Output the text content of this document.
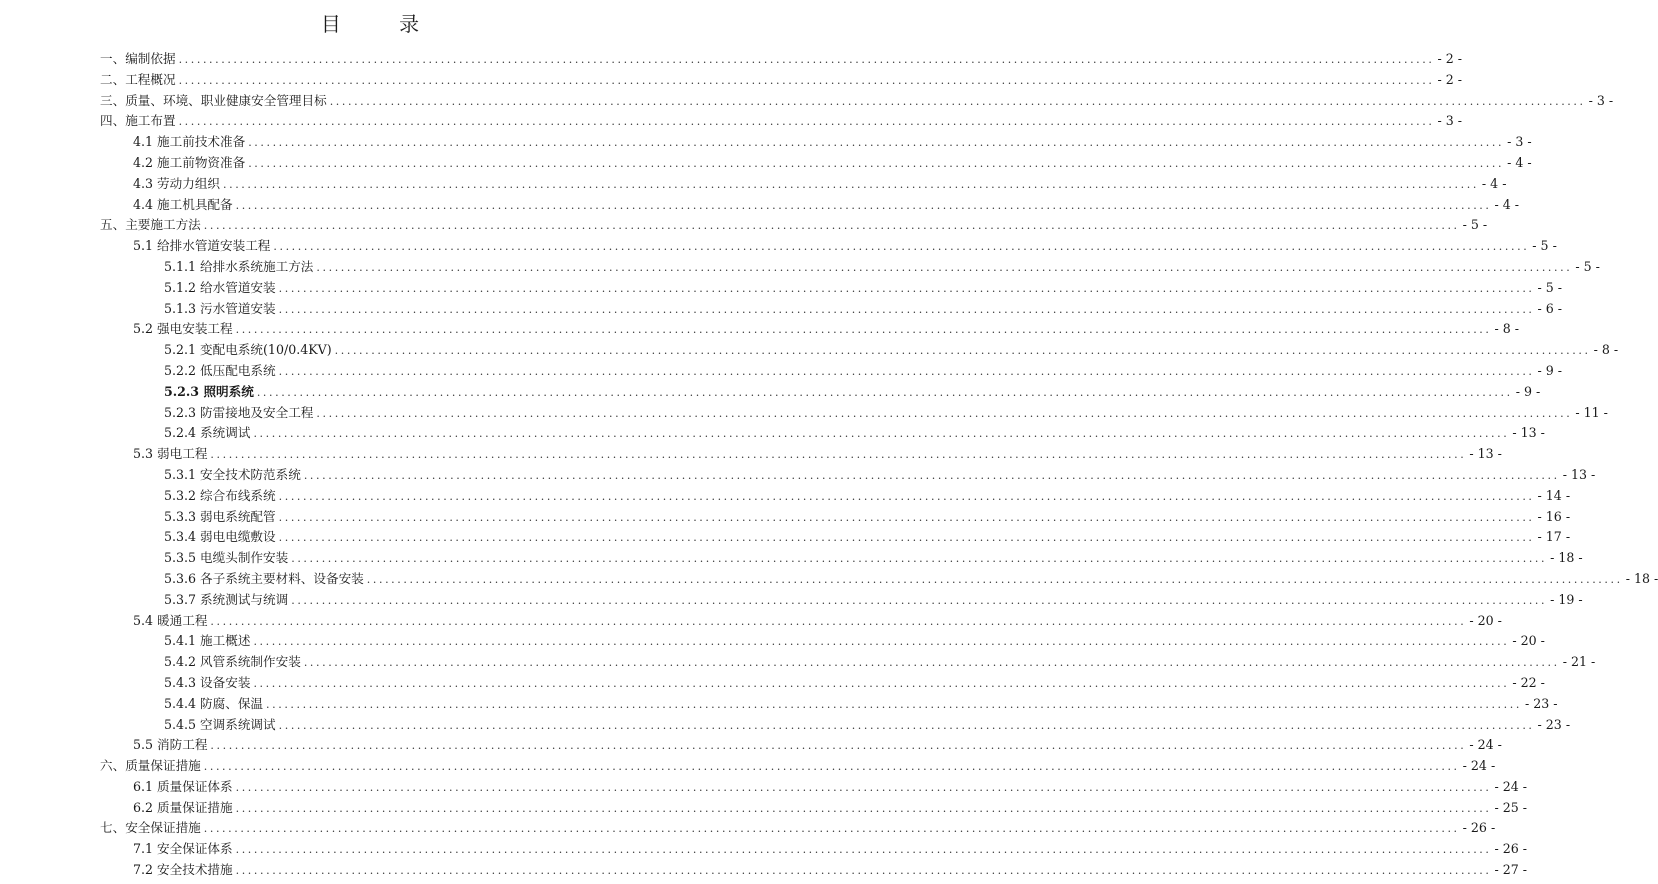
目 录
一、编制依据 .............................................................................................................................................................................................................. - 2 -
二、工程概况 .............................................................................................................................................................................................................. - 2 -
三、质量、环境、职业健康安全管理目标 .............................................................................................................................................................................................................. - 3 -
四、施工布置 .............................................................................................................................................................................................................. - 3 -
4.1 施工前技术准备 .............................................................................................................................................................................................................. - 3 -
4.2 施工前物资准备 .............................................................................................................................................................................................................. - 4 -
4.3 劳动力组织 .............................................................................................................................................................................................................. - 4 -
4.4 施工机具配备 .............................................................................................................................................................................................................. - 4 -
五、主要施工方法 .............................................................................................................................................................................................................. - 5 -
5.1 给排水管道安装工程 .............................................................................................................................................................................................................. - 5 -
5.1.1 给排水系统施工方法 .............................................................................................................................................................................................................. - 5 -
5.1.2 给水管道安装 .............................................................................................................................................................................................................. - 5 -
5.1.3 污水管道安装 .............................................................................................................................................................................................................. - 6 -
5.2 强电安装工程 .............................................................................................................................................................................................................. - 8 -
5.2.1 变配电系统(10/0.4KV) .............................................................................................................................................................................................................. - 8 -
5.2.2 低压配电系统 .............................................................................................................................................................................................................. - 9 -
5.2.3 照明系统 .............................................................................................................................................................................................................. - 9 -
5.2.3 防雷接地及安全工程 .............................................................................................................................................................................................................. - 11 -
5.2.4 系统调试 .............................................................................................................................................................................................................. - 13 -
5.3 弱电工程 .............................................................................................................................................................................................................. - 13 -
5.3.1 安全技术防范系统 .............................................................................................................................................................................................................. - 13 -
5.3.2 综合布线系统 .............................................................................................................................................................................................................. - 14 -
5.3.3 弱电系统配管 .............................................................................................................................................................................................................. - 16 -
5.3.4 弱电电缆敷设 .............................................................................................................................................................................................................. - 17 -
5.3.5 电缆头制作安装 .............................................................................................................................................................................................................. - 18 -
5.3.6 各子系统主要材料、设备安装 .............................................................................................................................................................................................................. - 18 -
5.3.7 系统测试与统调 .............................................................................................................................................................................................................. - 19 -
5.4 暖通工程 .............................................................................................................................................................................................................. - 20 -
5.4.1 施工概述 .............................................................................................................................................................................................................. - 20 -
5.4.2 风管系统制作安装 .............................................................................................................................................................................................................. - 21 -
5.4.3 设备安装 .............................................................................................................................................................................................................. - 22 -
5.4.4 防腐、保温 .............................................................................................................................................................................................................. - 23 -
5.4.5 空调系统调试 .............................................................................................................................................................................................................. - 23 -
5.5 消防工程 .............................................................................................................................................................................................................. - 24 -
六、质量保证措施 .............................................................................................................................................................................................................. - 24 -
6.1 质量保证体系 .............................................................................................................................................................................................................. - 24 -
6.2 质量保证措施 .............................................................................................................................................................................................................. - 25 -
七、安全保证措施 .............................................................................................................................................................................................................. - 26 -
7.1 安全保证体系 .............................................................................................................................................................................................................. - 26 -
7.2 安全技术措施 .............................................................................................................................................................................................................. - 27 -
